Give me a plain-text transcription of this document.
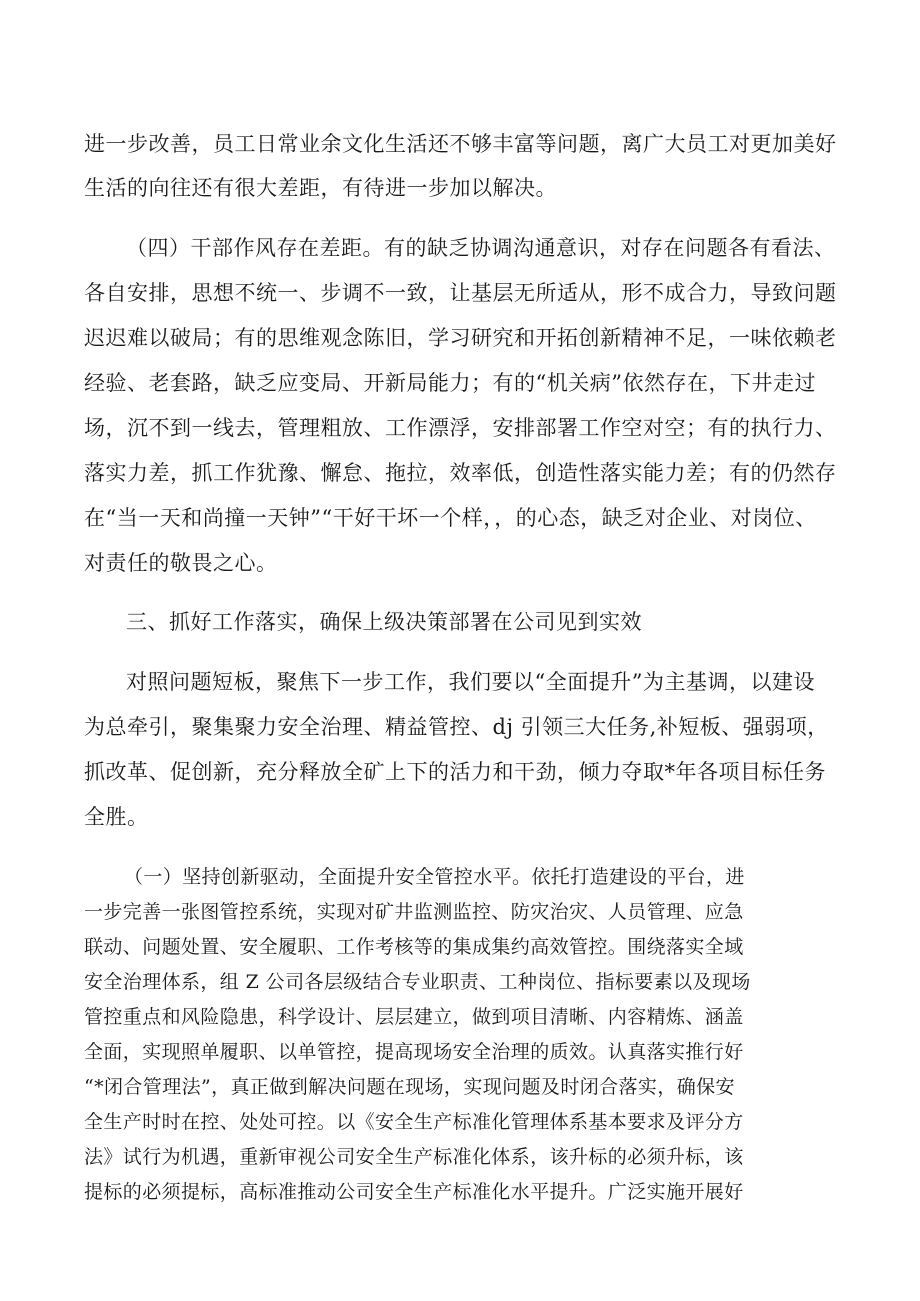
进一步改善，员工日常业余文化生活还不够丰富等问题，离广大员工对更加美好

生活的向往还有很大差距，有待进一步加以解决。

（四）干部作风存在差距。有的缺乏协调沟通意识，对存在问题各有看法、

各自安排，思想不统一、步调不一致，让基层无所适从，形不成合力，导致问题

迟迟难以破局；有的思维观念陈旧，学习研究和开拓创新精神不足，一味依赖老

经验、老套路，缺乏应变局、开新局能力；有的“机关病”依然存在，下井走过

场，沉不到一线去，管理粗放、工作漂浮，安排部署工作空对空；有的执行力、

落实力差，抓工作犹豫、懈怠、拖拉，效率低，创造性落实能力差；有的仍然存

在“当一天和尚撞一天钟”“干好干坏一个样，，的心态，缺乏对企业、对岗位、

对责任的敬畏之心。

三、抓好工作落实，确保上级决策部署在公司见到实效

对照问题短板，聚焦下一步工作，我们要以“全面提升”为主基调，以建设

为总牵引，聚集聚力安全治理、精益管控、dj 引领三大任务,补短板、强弱项，

抓改革、促创新，充分释放全矿上下的活力和干劲，倾力夺取*年各项目标任务

全胜。

（一）坚持创新驱动，全面提升安全管控水平。依托打造建设的平台，进

一步完善一张图管控系统，实现对矿井监测监控、防灾治灾、人员管理、应急

联动、问题处置、安全履职、工作考核等的集成集约高效管控。围绕落实全域

安全治理体系，组 Z 公司各层级结合专业职责、工种岗位、指标要素以及现场

管控重点和风险隐患，科学设计、层层建立，做到项目清晰、内容精炼、涵盖

全面，实现照单履职、以单管控，提高现场安全治理的质效。认真落实推行好

“*闭合管理法”，真正做到解决问题在现场，实现问题及时闭合落实，确保安

全生产时时在控、处处可控。以《安全生产标准化管理体系基本要求及评分方

法》试行为机遇，重新审视公司安全生产标准化体系，该升标的必须升标，该

提标的必须提标，高标准推动公司安全生产标准化水平提升。广泛实施开展好
